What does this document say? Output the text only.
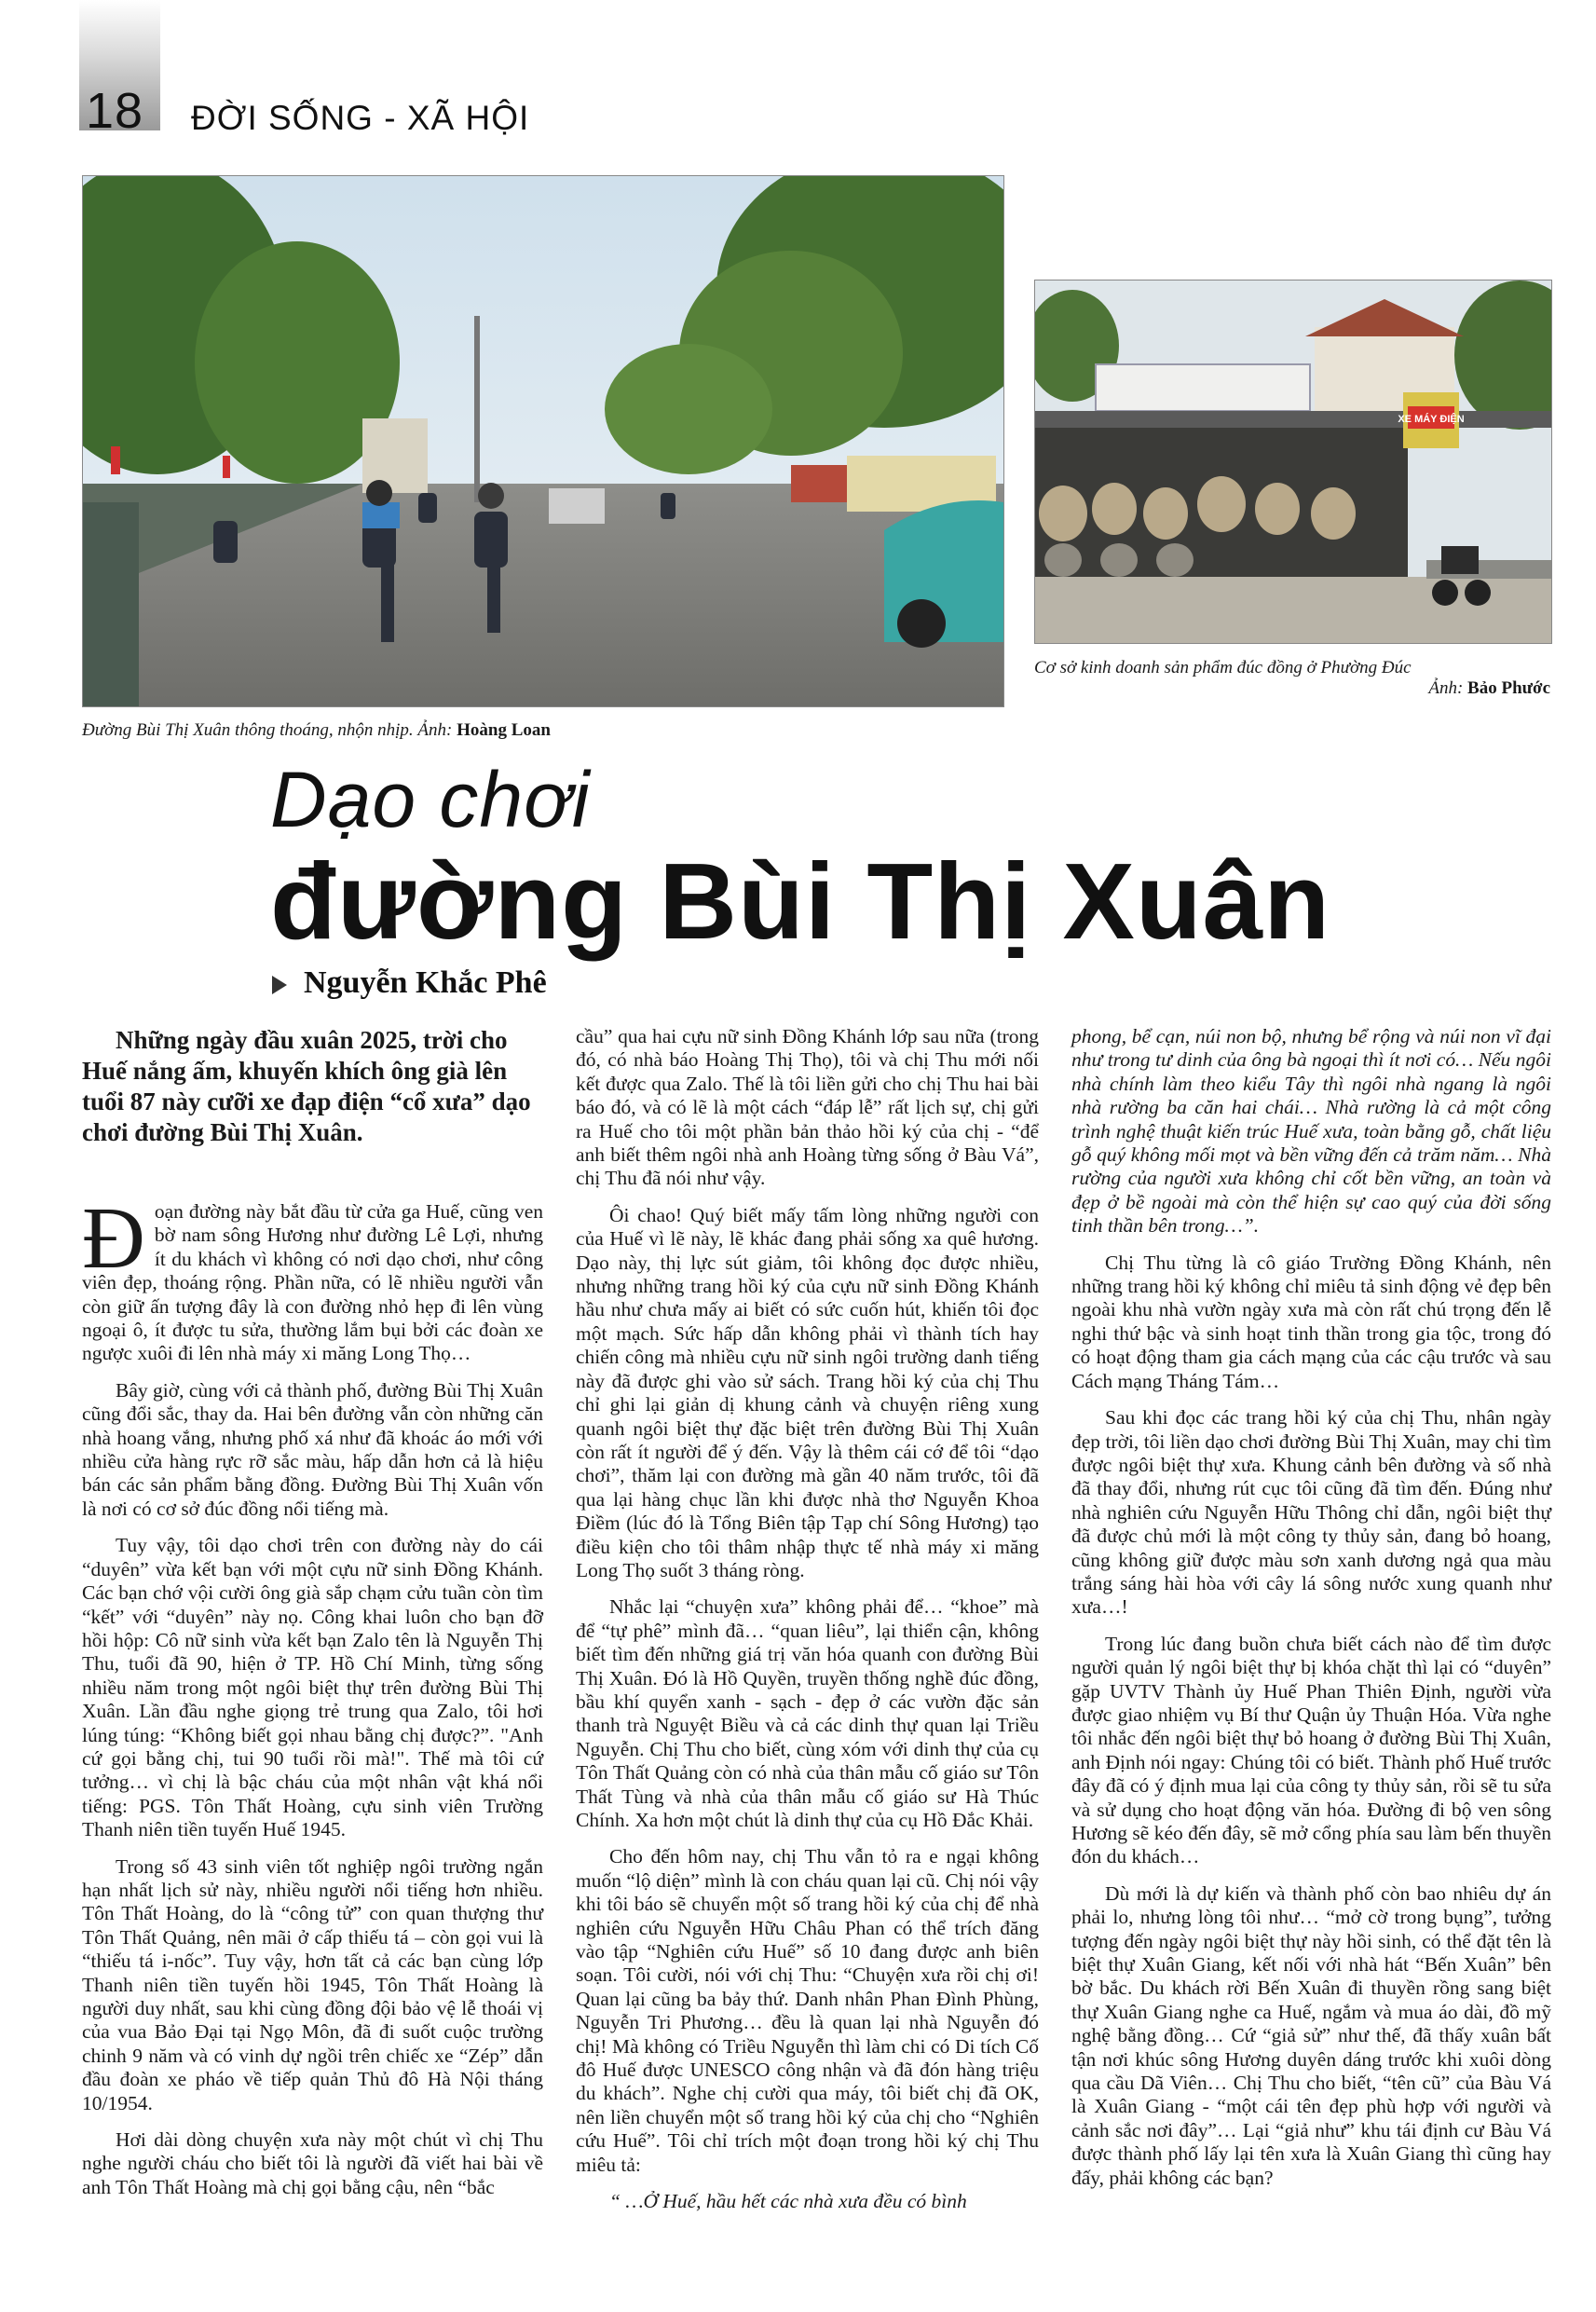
18 ĐỜI SỐNG - XÃ HỘI
Đường Bùi Thị Xuân thông thoáng, nhộn nhịp. Ảnh: Hoàng Loan
XE MÁY ĐIỆN
Cơ sở kinh doanh sản phẩm đúc đồng ở Phường Đúc
Ảnh: Bảo Phước
Dạo chơi
đường Bùi Thị Xuân
Nguyễn Khắc Phê

Những ngày đầu xuân 2025, trời cho Huế nắng ấm, khuyến khích ông già lên tuổi 87 này cưỡi xe đạp điện “cổ xưa” dạo chơi đường Bùi Thị Xuân.

Đoạn đường này bắt đầu từ cửa ga Huế, cũng ven bờ nam sông Hương như đường Lê Lợi, nhưng ít du khách vì không có nơi dạo chơi, như công viên đẹp, thoáng rộng. Phần nữa, có lẽ nhiều người vẫn còn giữ ấn tượng đây là con đường nhỏ hẹp đi lên vùng ngoại ô, ít được tu sửa, thường lắm bụi bởi các đoàn xe ngược xuôi đi lên nhà máy xi măng Long Thọ…

Bây giờ, cùng với cả thành phố, đường Bùi Thị Xuân cũng đổi sắc, thay da. Hai bên đường vẫn còn những căn nhà hoang vắng, nhưng phố xá như đã khoác áo mới với nhiều cửa hàng rực rỡ sắc màu, hấp dẫn hơn cả là hiệu bán các sản phẩm bằng đồng. Đường Bùi Thị Xuân vốn là nơi có cơ sở đúc đồng nổi tiếng mà.

Tuy vậy, tôi dạo chơi trên con đường này do cái “duyên” vừa kết bạn với một cựu nữ sinh Đồng Khánh. Các bạn chớ vội cười ông già sắp chạm cửu tuần còn tìm “kết” với “duyên” này nọ. Công khai luôn cho bạn đỡ hồi hộp: Cô nữ sinh vừa kết bạn Zalo tên là Nguyễn Thị Thu, tuổi đã 90, hiện ở TP. Hồ Chí Minh, từng sống nhiều năm trong một ngôi biệt thự trên đường Bùi Thị Xuân. Lần đầu nghe giọng trẻ trung qua Zalo, tôi hơi lúng túng: “Không biết gọi nhau bằng chị được?”. "Anh cứ gọi bằng chị, tui 90 tuổi rồi mà!". Thế mà tôi cứ tưởng… vì chị là bậc cháu của một nhân vật khá nổi tiếng: PGS. Tôn Thất Hoàng, cựu sinh viên Trường Thanh niên tiền tuyến Huế 1945.

Trong số 43 sinh viên tốt nghiệp ngôi trường ngắn hạn nhất lịch sử này, nhiều người nổi tiếng hơn nhiều. Tôn Thất Hoàng, do là “công tử” con quan thượng thư Tôn Thất Quảng, nên mãi ở cấp thiếu tá – còn gọi vui là “thiếu tá i-nốc”. Tuy vậy, hơn tất cả các bạn cùng lớp Thanh niên tiền tuyến hồi 1945, Tôn Thất Hoàng là người duy nhất, sau khi cùng đồng đội bảo vệ lễ thoái vị của vua Bảo Đại tại Ngọ Môn, đã đi suốt cuộc trường chinh 9 năm và có vinh dự ngồi trên chiếc xe “Zép” dẫn đầu đoàn xe pháo về tiếp quản Thủ đô Hà Nội tháng 10/1954.

Hơi dài dòng chuyện xưa này một chút vì chị Thu nghe người cháu cho biết tôi là người đã viết hai bài về anh Tôn Thất Hoàng mà chị gọi bằng cậu, nên “bắc

cầu” qua hai cựu nữ sinh Đồng Khánh lớp sau nữa (trong đó, có nhà báo Hoàng Thị Thọ), tôi và chị Thu mới nối kết được qua Zalo. Thế là tôi liền gửi cho chị Thu hai bài báo đó, và có lẽ là một cách “đáp lễ” rất lịch sự, chị gửi ra Huế cho tôi một phần bản thảo hồi ký của chị - “để anh biết thêm ngôi nhà anh Hoàng từng sống ở Bàu Vá”, chị Thu đã nói như vậy.

Ôi chao! Quý biết mấy tấm lòng những người con của Huế vì lẽ này, lẽ khác đang phải sống xa quê hương. Dạo này, thị lực sút giảm, tôi không đọc được nhiều, nhưng những trang hồi ký của cựu nữ sinh Đồng Khánh hầu như chưa mấy ai biết có sức cuốn hút, khiến tôi đọc một mạch. Sức hấp dẫn không phải vì thành tích hay chiến công mà nhiều cựu nữ sinh ngôi trường danh tiếng này đã được ghi vào sử sách. Trang hồi ký của chị Thu chỉ ghi lại giản dị khung cảnh và chuyện riêng xung quanh ngôi biệt thự đặc biệt trên đường Bùi Thị Xuân còn rất ít người để ý đến. Vậy là thêm cái cớ để tôi “dạo chơi”, thăm lại con đường mà gần 40 năm trước, tôi đã qua lại hàng chục lần khi được nhà thơ Nguyễn Khoa Điềm (lúc đó là Tổng Biên tập Tạp chí Sông Hương) tạo điều kiện cho tôi thâm nhập thực tế nhà máy xi măng Long Thọ suốt 3 tháng ròng.

Nhắc lại “chuyện xưa” không phải để… “khoe” mà để “tự phê” mình đã… “quan liêu”, lại thiển cận, không biết tìm đến những giá trị văn hóa quanh con đường Bùi Thị Xuân. Đó là Hồ Quyền, truyền thống nghề đúc đồng, bầu khí quyển xanh - sạch - đẹp ở các vườn đặc sản thanh trà Nguyệt Biều và cả các dinh thự quan lại Triều Nguyễn. Chị Thu cho biết, cùng xóm với dinh thự của cụ Tôn Thất Quảng còn có nhà của thân mẫu cố giáo sư Tôn Thất Tùng và nhà của thân mẫu cố giáo sư Hà Thúc Chính. Xa hơn một chút là dinh thự của cụ Hồ Đắc Khải.

Cho đến hôm nay, chị Thu vẫn tỏ ra e ngại không muốn “lộ diện” mình là con cháu quan lại cũ. Chị nói vậy khi tôi báo sẽ chuyển một số trang hồi ký của chị để nhà nghiên cứu Nguyễn Hữu Châu Phan có thể trích đăng vào tập “Nghiên cứu Huế” số 10 đang được anh biên soạn. Tôi cười, nói với chị Thu: “Chuyện xưa rồi chị ơi! Quan lại cũng ba bảy thứ. Danh nhân Phan Đình Phùng, Nguyễn Tri Phương… đều là quan lại nhà Nguyễn đó chị! Mà không có Triều Nguyễn thì làm chi có Di tích Cố đô Huế được UNESCO công nhận và đã đón hàng triệu du khách”. Nghe chị cười qua máy, tôi biết chị đã OK, nên liền chuyển một số trang hồi ký của chị cho “Nghiên cứu Huế”. Tôi chỉ trích một đoạn trong hồi ký chị Thu miêu tả:

“ …Ở Huế, hầu hết các nhà xưa đều có bình

phong, bể cạn, núi non bộ, nhưng bể rộng và núi non vĩ đại như trong tư dinh của ông bà ngoại thì ít nơi có… Nếu ngôi nhà chính làm theo kiểu Tây thì ngôi nhà ngang là ngôi nhà rường ba căn hai chái… Nhà rường là cả một công trình nghệ thuật kiến trúc Huế xưa, toàn bằng gỗ, chất liệu gỗ quý không mối mọt và bền vững đến cả trăm năm… Nhà rường của người xưa không chỉ cốt bền vững, an toàn và đẹp ở bề ngoài mà còn thể hiện sự cao quý của đời sống tinh thần bên trong…”.

Chị Thu từng là cô giáo Trường Đồng Khánh, nên những trang hồi ký không chỉ miêu tả sinh động vẻ đẹp bên ngoài khu nhà vườn ngày xưa mà còn rất chú trọng đến lễ nghi thứ bậc và sinh hoạt tinh thần trong gia tộc, trong đó có hoạt động tham gia cách mạng của các cậu trước và sau Cách mạng Tháng Tám…

Sau khi đọc các trang hồi ký của chị Thu, nhân ngày đẹp trời, tôi liền dạo chơi đường Bùi Thị Xuân, may chi tìm được ngôi biệt thự xưa. Khung cảnh bên đường và số nhà đã thay đổi, nhưng rút cục tôi cũng đã tìm đến. Đúng như nhà nghiên cứu Nguyễn Hữu Thông chỉ dẫn, ngôi biệt thự đã được chủ mới là một công ty thủy sản, đang bỏ hoang, cũng không giữ được màu sơn xanh dương ngả qua màu trắng sáng hài hòa với cây lá sông nước xung quanh như xưa…!

Trong lúc đang buồn chưa biết cách nào để tìm được người quản lý ngôi biệt thự bị khóa chặt thì lại có “duyên” gặp UVTV Thành ủy Huế Phan Thiên Định, người vừa được giao nhiệm vụ Bí thư Quận ủy Thuận Hóa. Vừa nghe tôi nhắc đến ngôi biệt thự bỏ hoang ở đường Bùi Thị Xuân, anh Định nói ngay: Chúng tôi có biết. Thành phố Huế trước đây đã có ý định mua lại của công ty thủy sản, rồi sẽ tu sửa và sử dụng cho hoạt động văn hóa. Đường đi bộ ven sông Hương sẽ kéo đến đây, sẽ mở cổng phía sau làm bến thuyền đón du khách…

Dù mới là dự kiến và thành phố còn bao nhiêu dự án phải lo, nhưng lòng tôi như… “mở cờ trong bụng”, tưởng tượng đến ngày ngôi biệt thự này hồi sinh, có thể đặt tên là biệt thự Xuân Giang, kết nối với nhà hát “Bến Xuân” bên bờ bắc. Du khách rời Bến Xuân đi thuyền rồng sang biệt thự Xuân Giang nghe ca Huế, ngắm và mua áo dài, đồ mỹ nghệ bằng đồng… Cứ “giả sử” như thế, đã thấy xuân bất tận nơi khúc sông Hương duyên dáng trước khi xuôi dòng qua cầu Dã Viên… Chị Thu cho biết, “tên cũ” của Bàu Vá là Xuân Giang - “một cái tên đẹp phù hợp với người và cảnh sắc nơi đây”… Lại “giả như” khu tái định cư Bàu Vá được thành phố lấy lại tên xưa là Xuân Giang thì cũng hay đấy, phải không các bạn?
